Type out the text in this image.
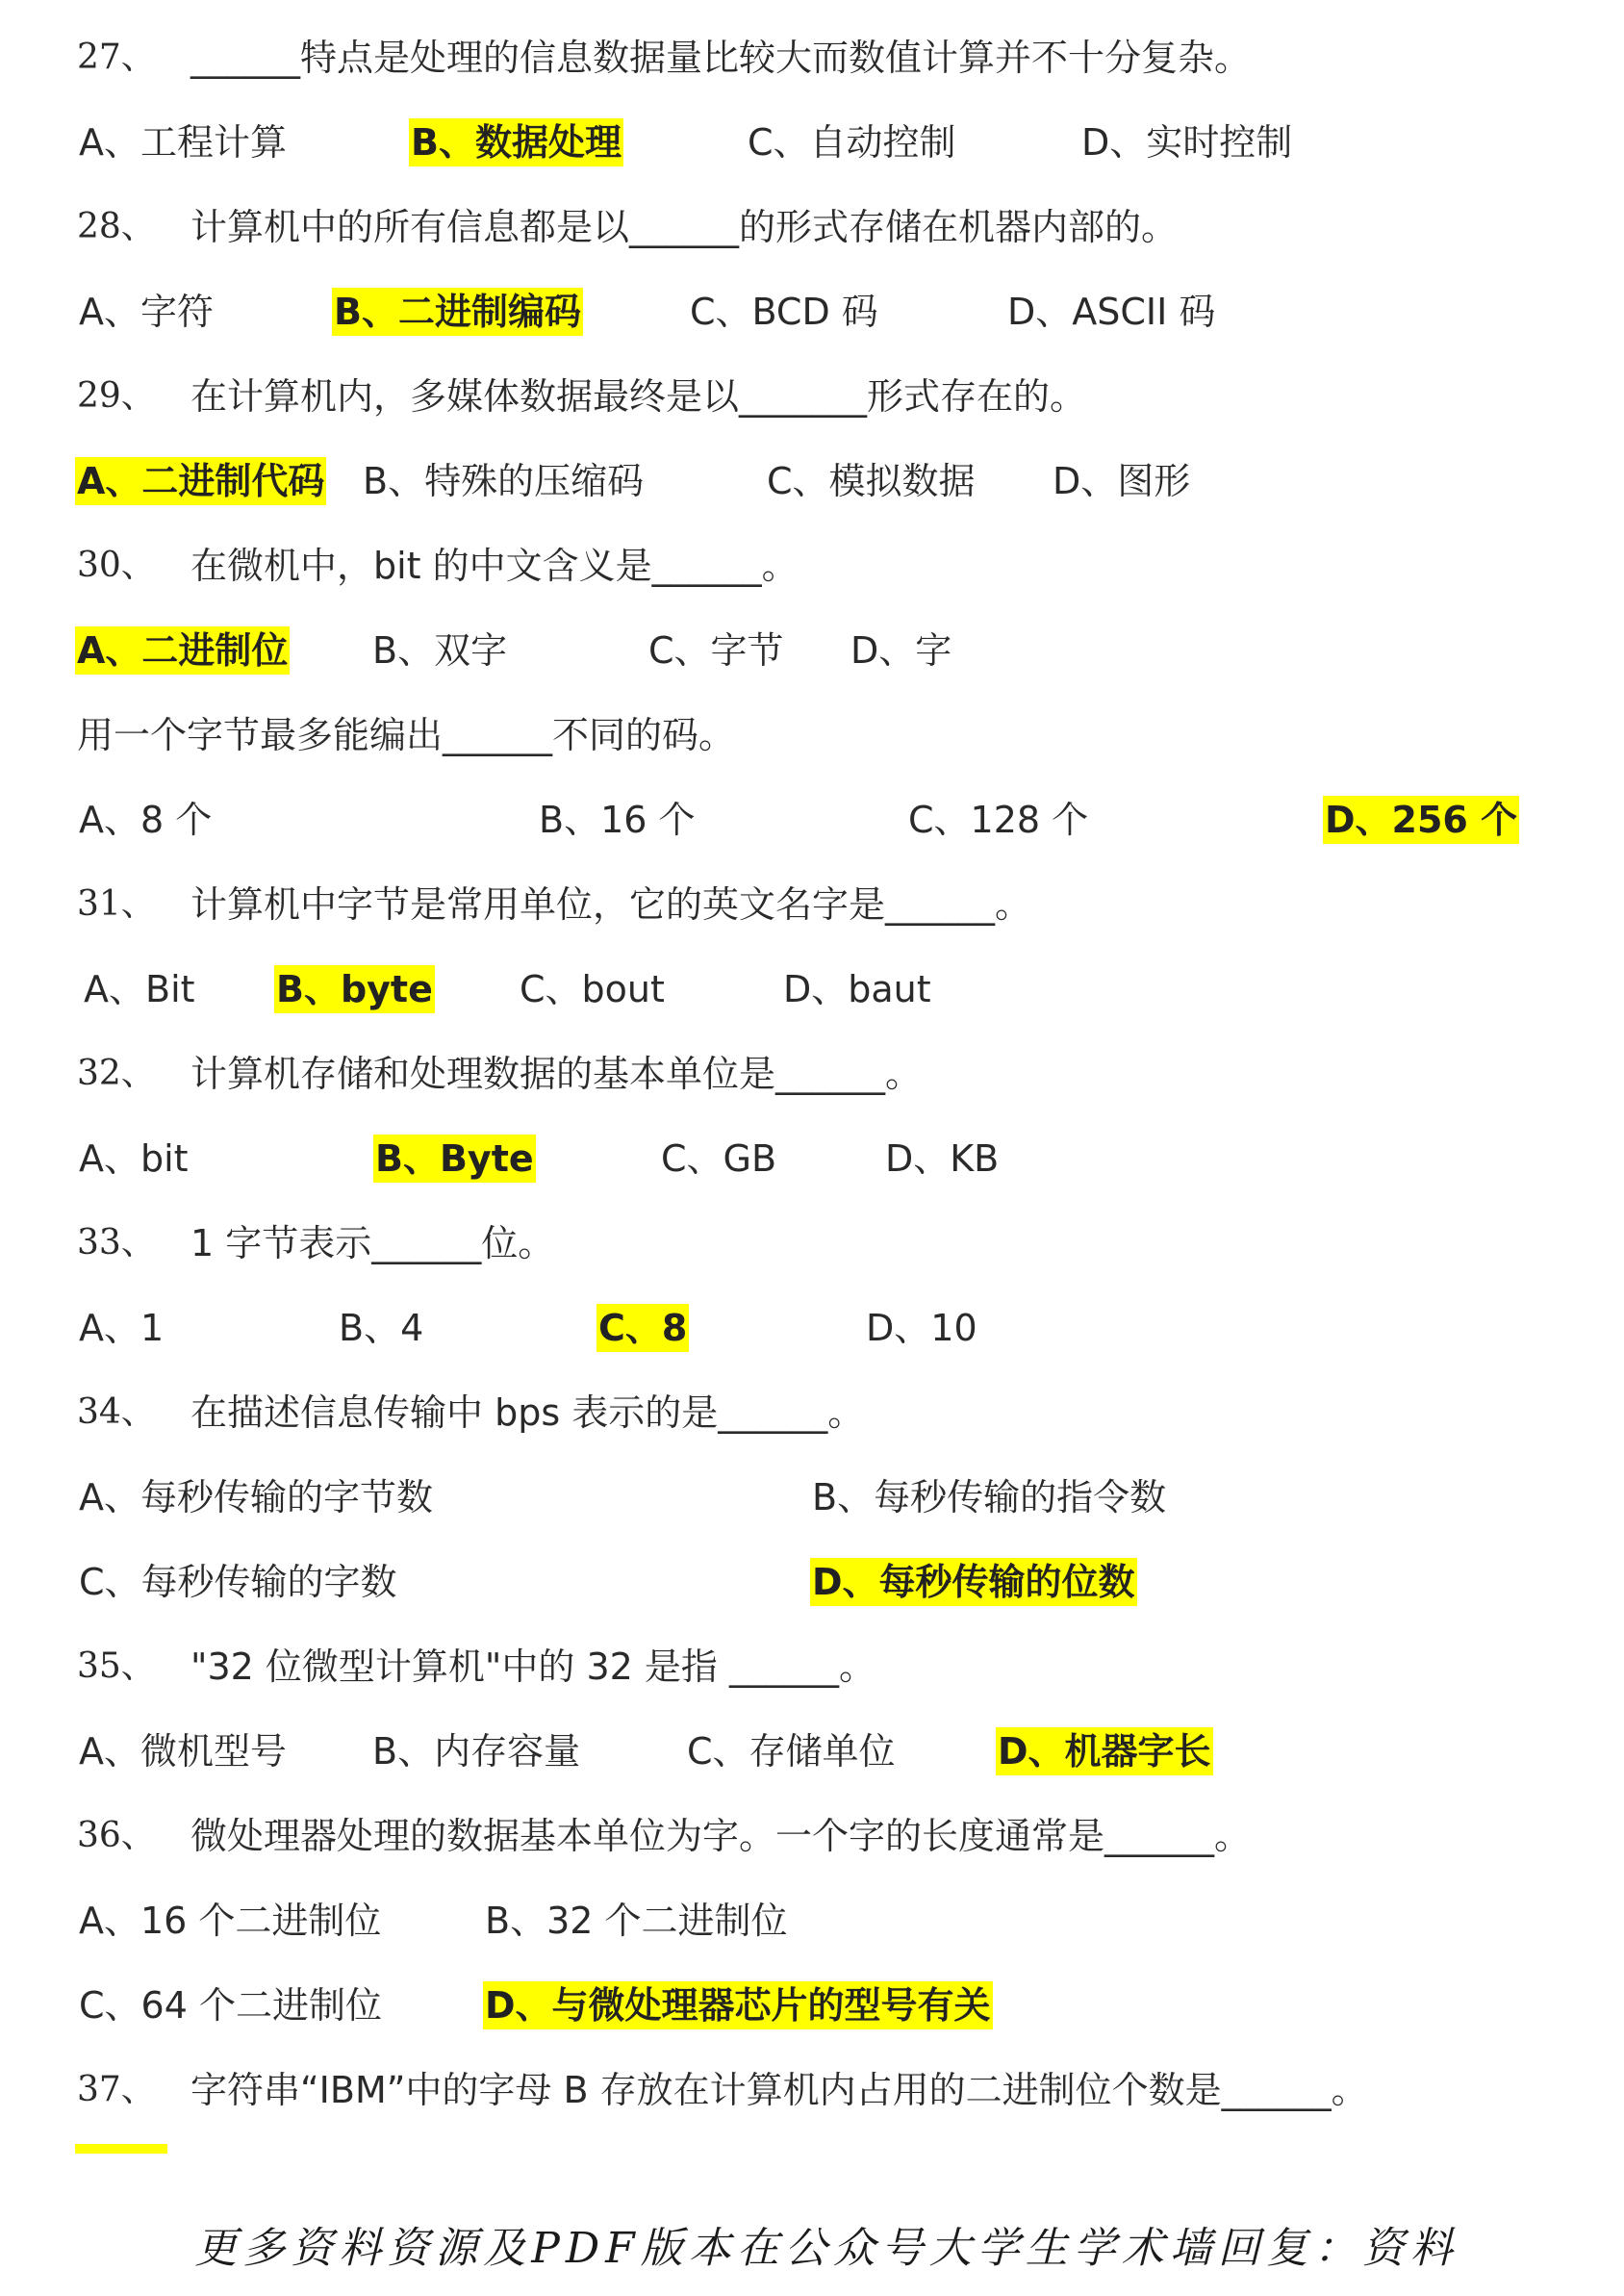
27、 ______特点是处理的信息数据量比较大而数值计算并不十分复杂。
A、工程计算	B、数据处理	C、自动控制	D、实时控制
28、 计算机中的所有信息都是以______的形式存储在机器内部的。
A、字符	B、二进制编码	C、BCD 码	D、ASCII 码
29、 在计算机内，多媒体数据最终是以_______形式存在的。
A、二进制代码 B、特殊的压缩码	C、模拟数据 D、图形
30、 在微机中，bit 的中文含义是______。
A、二进制位 B、双字	C、字节 D、字
用一个字节最多能编出______不同的码。
A、8 个	B、16 个	C、128 个	D、256 个
31、 计算机中字节是常用单位，它的英文名字是______。
A、Bit B、byte C、bout	D、baut
32、 计算机存储和处理数据的基本单位是______。
A、bit	B、Byte	C、GB	D、KB
33、 1 字节表示______位。
A、1	B、4	C、8	D、10
34、 在描述信息传输中 bps 表示的是______。
A、每秒传输的字节数	B、每秒传输的指令数
C、每秒传输的字数	D、每秒传输的位数
35、 "32 位微型计算机"中的 32 是指 ______。
A、微机型号 B、内存容量	C、存储单位	D、机器字长
36、 微处理器处理的数据基本单位为字。一个字的长度通常是______。
A、16 个二进制位	B、32 个二进制位
C、64 个二进制位	D、与微处理器芯片的型号有关
37、 字符串“IBM”中的字母 B 存放在计算机内占用的二进制位个数是______。
更多资料资源及PDF版本在公众号大学生学术墙回复：资料
